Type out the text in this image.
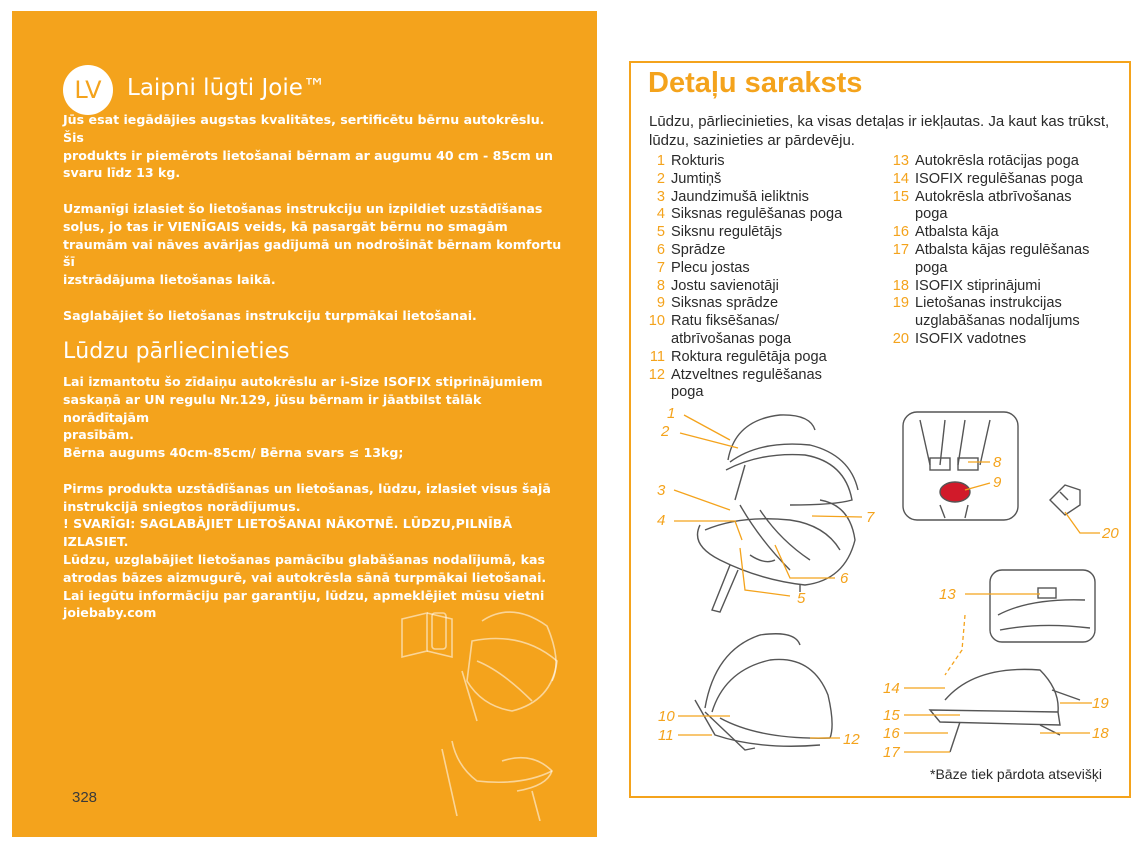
LV	Laipni lūgti Joie™

Jūs esat iegādājies augstas kvalitātes, sertificētu bērnu autokrēslu. Šis

produkts ir piemērots lietošanai bērnam ar augumu 40 cm - 85cm un

svaru līdz 13 kg.

Uzmanīgi izlasiet šo lietošanas instrukciju un izpildiet uzstādīšanas

soļus, jo tas ir VIENĪGAIS veids, kā pasargāt bērnu no smagām

traumām vai nāves avārijas gadījumā un nodrošināt bērnam komfortu šī

izstrādājuma lietošanas laikā.

Saglabājiet šo lietošanas instrukciju turpmākai lietošanai.

Lūdzu pārliecinieties

Lai izmantotu šo zīdaiņu autokrēslu ar i-Size ISOFIX stiprinājumiem

saskaņā ar UN regulu Nr.129, jūsu bērnam ir jāatbilst tālāk norādītajām

prasībām.

Bērna augums 40cm-85cm/ Bērna svars ≤ 13kg;

Pirms produkta uzstādīšanas un lietošanas, lūdzu, izlasiet visus šajā

instrukcijā sniegtos norādījumus.

! SVARĪGI: SAGLABĀJIET LIETOŠANAI NĀKOTNĒ. LŪDZU,PILNĪBĀ

IZLASIET.

Lūdzu, uzglabājiet lietošanas pamācību glabāšanas nodalījumā, kas

atrodas bāzes aizmugurē, vai autokrēsla sānā turpmākai lietošanai.

Lai iegūtu informāciju par garantiju, lūdzu, apmeklējiet mūsu vietni

joiebaby.com

328
Detaļu saraksts
Lūdzu, pārliecinieties, ka visas detaļas ir iekļautas. Ja kaut kas trūkst, lūdzu, sazinieties ar pārdevēju.
1 Rokturis
2 Jumtiņš
3 Jaundzimušā ieliktnis
4 Siksnas regulēšanas poga
5 Siksnu regulētājs
6 Sprādze
7 Plecu jostas
8 Jostu savienotāji
9 Siksnas sprādze
10 Ratu fiksēšanas/
atbrīvošanas poga
11 Roktura regulētāja poga
12 Atzveltnes regulēšanas
poga
13 Autokrēsla rotācijas poga
14 ISOFIX regulēšanas poga
15 Autokrēsla atbrīvošanas
poga
16 Atbalsta kāja
17 Atbalsta kājas regulēšanas
poga
18 ISOFIX stiprinājumi
19 Lietošanas instrukcijas
uzglabāšanas nodalījums
20 ISOFIX vadotnes
1
2
3
4
5
6
7
8
9
10
11	12
13
14
15
16
17
18
19
20
*Bāze tiek pārdota atsevišķi
